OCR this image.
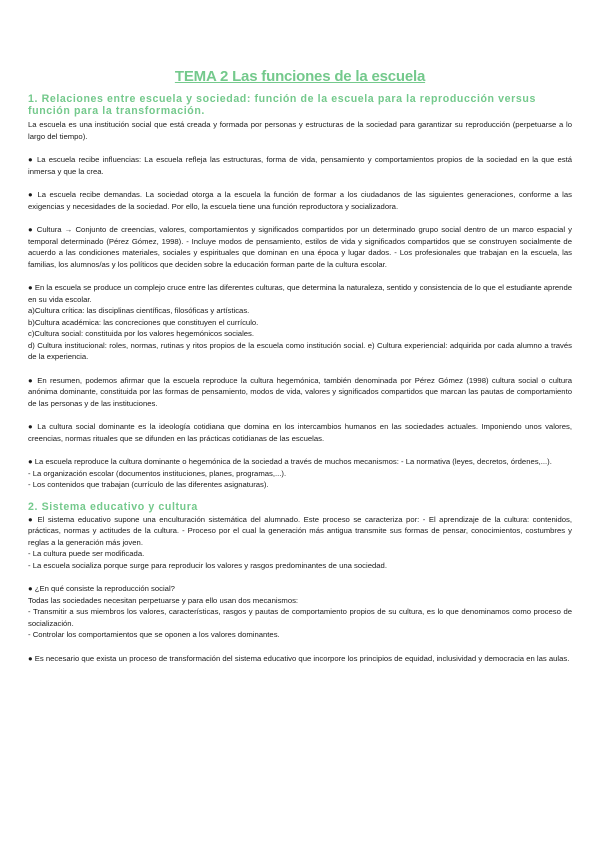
TEMA 2 Las funciones de la escuela
1. Relaciones entre escuela y sociedad: función de la escuela para la reproducción versus función para la transformación.

La escuela es una institución social que está creada y formada por personas y estructuras de la sociedad para garantizar su reproducción (perpetuarse a lo largo del tiempo).

● La escuela recibe influencias: La escuela refleja las estructuras, forma de vida, pensamiento y comportamientos propios de la sociedad en la que está inmersa y que la crea.

● La escuela recibe demandas. La sociedad otorga a la escuela la función de formar a los ciudadanos de las siguientes generaciones, conforme a las exigencias y necesidades de la sociedad. Por ello, la escuela tiene una función reproductora y socializadora.

● Cultura → Conjunto de creencias, valores, comportamientos y significados compartidos por un determinado grupo social dentro de un marco espacial y temporal determinado (Pérez Gómez, 1998). - Incluye modos de pensamiento, estilos de vida y significados compartidos que se construyen socialmente de acuerdo a las condiciones materiales, sociales y espirituales que dominan en una época y lugar dados. - Los profesionales que trabajan en la escuela, las familias, los alumnos/as y los políticos que deciden sobre la educación forman parte de la cultura escolar.

● En la escuela se produce un complejo cruce entre las diferentes culturas, que determina la naturaleza, sentido y consistencia de lo que el estudiante aprende en su vida escolar.
a)Cultura crítica: las disciplinas científicas, filosóficas y artísticas.
b)Cultura académica: las concreciones que constituyen el currículo.
c)Cultura social: constituida por los valores hegemónicos sociales.
d) Cultura institucional: roles, normas, rutinas y ritos propios de la escuela como institución social. e) Cultura experiencial: adquirida por cada alumno a través de la experiencia.

● En resumen, podemos afirmar que la escuela reproduce la cultura hegemónica, también denominada por Pérez Gómez (1998) cultura social o cultura anónima dominante, constituida por las formas de pensamiento, modos de vida, valores y significados compartidos que marcan las pautas de comportamiento de las personas y de las instituciones.

● La cultura social dominante es la ideología cotidiana que domina en los intercambios humanos en las sociedades actuales. Imponiendo unos valores, creencias, normas rituales que se difunden en las prácticas cotidianas de las escuelas.

● La escuela reproduce la cultura dominante o hegemónica de la sociedad a través de muchos mecanismos: - La normativa (leyes, decretos, órdenes,...).
- La organización escolar (documentos instituciones, planes, programas,...).
- Los contenidos que trabajan (currículo de las diferentes asignaturas).

2. Sistema educativo y cultura

● El sistema educativo supone una enculturación sistemática del alumnado. Este proceso se caracteriza por: - El aprendizaje de la cultura: contenidos, prácticas, normas y actitudes de la cultura. - Proceso por el cual la generación más antigua transmite sus formas de pensar, conocimientos, costumbres y reglas a la generación más joven.
- La cultura puede ser modificada.
- La escuela socializa porque surge para reproducir los valores y rasgos predominantes de una sociedad.

● ¿En qué consiste la reproducción social?
Todas las sociedades necesitan perpetuarse y para ello usan dos mecanismos:
- Transmitir a sus miembros los valores, características, rasgos y pautas de comportamiento propios de su cultura, es lo que denominamos como proceso de socialización.
- Controlar los comportamientos que se oponen a los valores dominantes.

● Es necesario que exista un proceso de transformación del sistema educativo que incorpore los principios de equidad, inclusividad y democracia en las aulas.
